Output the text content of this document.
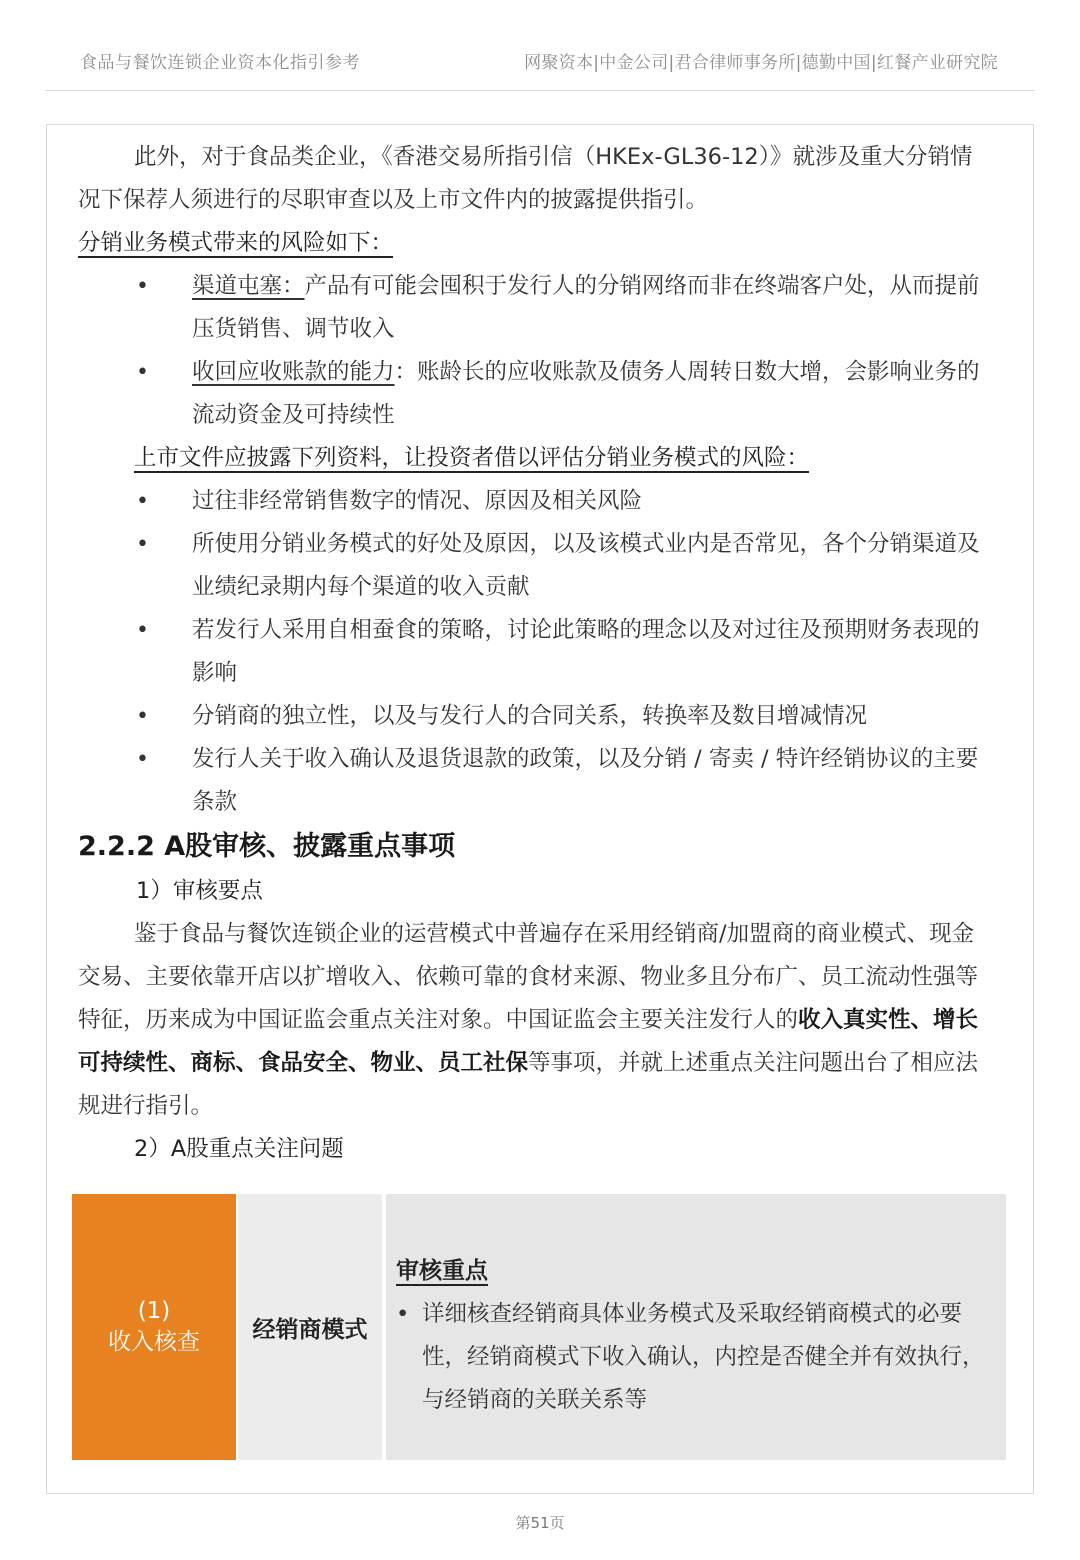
食品与餐饮连锁企业资本化指引参考	网聚资本|中金公司|君合律师事务所|德勤中国|红餐产业研究院

此外，对于食品类企业，《香港交易所指引信（HKEx-GL36-12）》就涉及重大分销情况下保荐人须进行的尽职审查以及上市文件内的披露提供指引。

分销业务模式带来的风险如下：

• 渠道屯塞：产品有可能会囤积于发行人的分销网络而非在终端客户处，从而提前压货销售、调节收入
• 收回应收账款的能力：账龄长的应收账款及债务人周转日数大增，会影响业务的流动资金及可持续性

上市文件应披露下列资料，让投资者借以评估分销业务模式的风险：

• 过往非经常销售数字的情况、原因及相关风险
• 所使用分销业务模式的好处及原因，以及该模式业内是否常见，各个分销渠道及业绩纪录期内每个渠道的收入贡献
• 若发行人采用自相蚕食的策略，讨论此策略的理念以及对过往及预期财务表现的影响
• 分销商的独立性，以及与发行人的合同关系，转换率及数目增减情况
• 发行人关于收入确认及退货退款的政策，以及分销 / 寄卖 / 特许经销协议的主要条款

2.2.2 A股审核、披露重点事项

1）审核要点

鉴于食品与餐饮连锁企业的运营模式中普遍存在采用经销商/加盟商的商业模式、现金交易、主要依靠开店以扩增收入、依赖可靠的食材来源、物业多且分布广、员工流动性强等特征，历来成为中国证监会重点关注对象。中国证监会主要关注发行人的收入真实性、增长可持续性、商标、食品安全、物业、员工社保等事项，并就上述重点关注问题出台了相应法规进行指引。

2）A股重点关注问题

(1)
收入核查 经销商模式
审核重点
• 详细核查经销商具体业务模式及采取经销商模式的必要性，经销商模式下收入确认，内控是否健全并有效执行，与经销商的关联关系等
第51页
